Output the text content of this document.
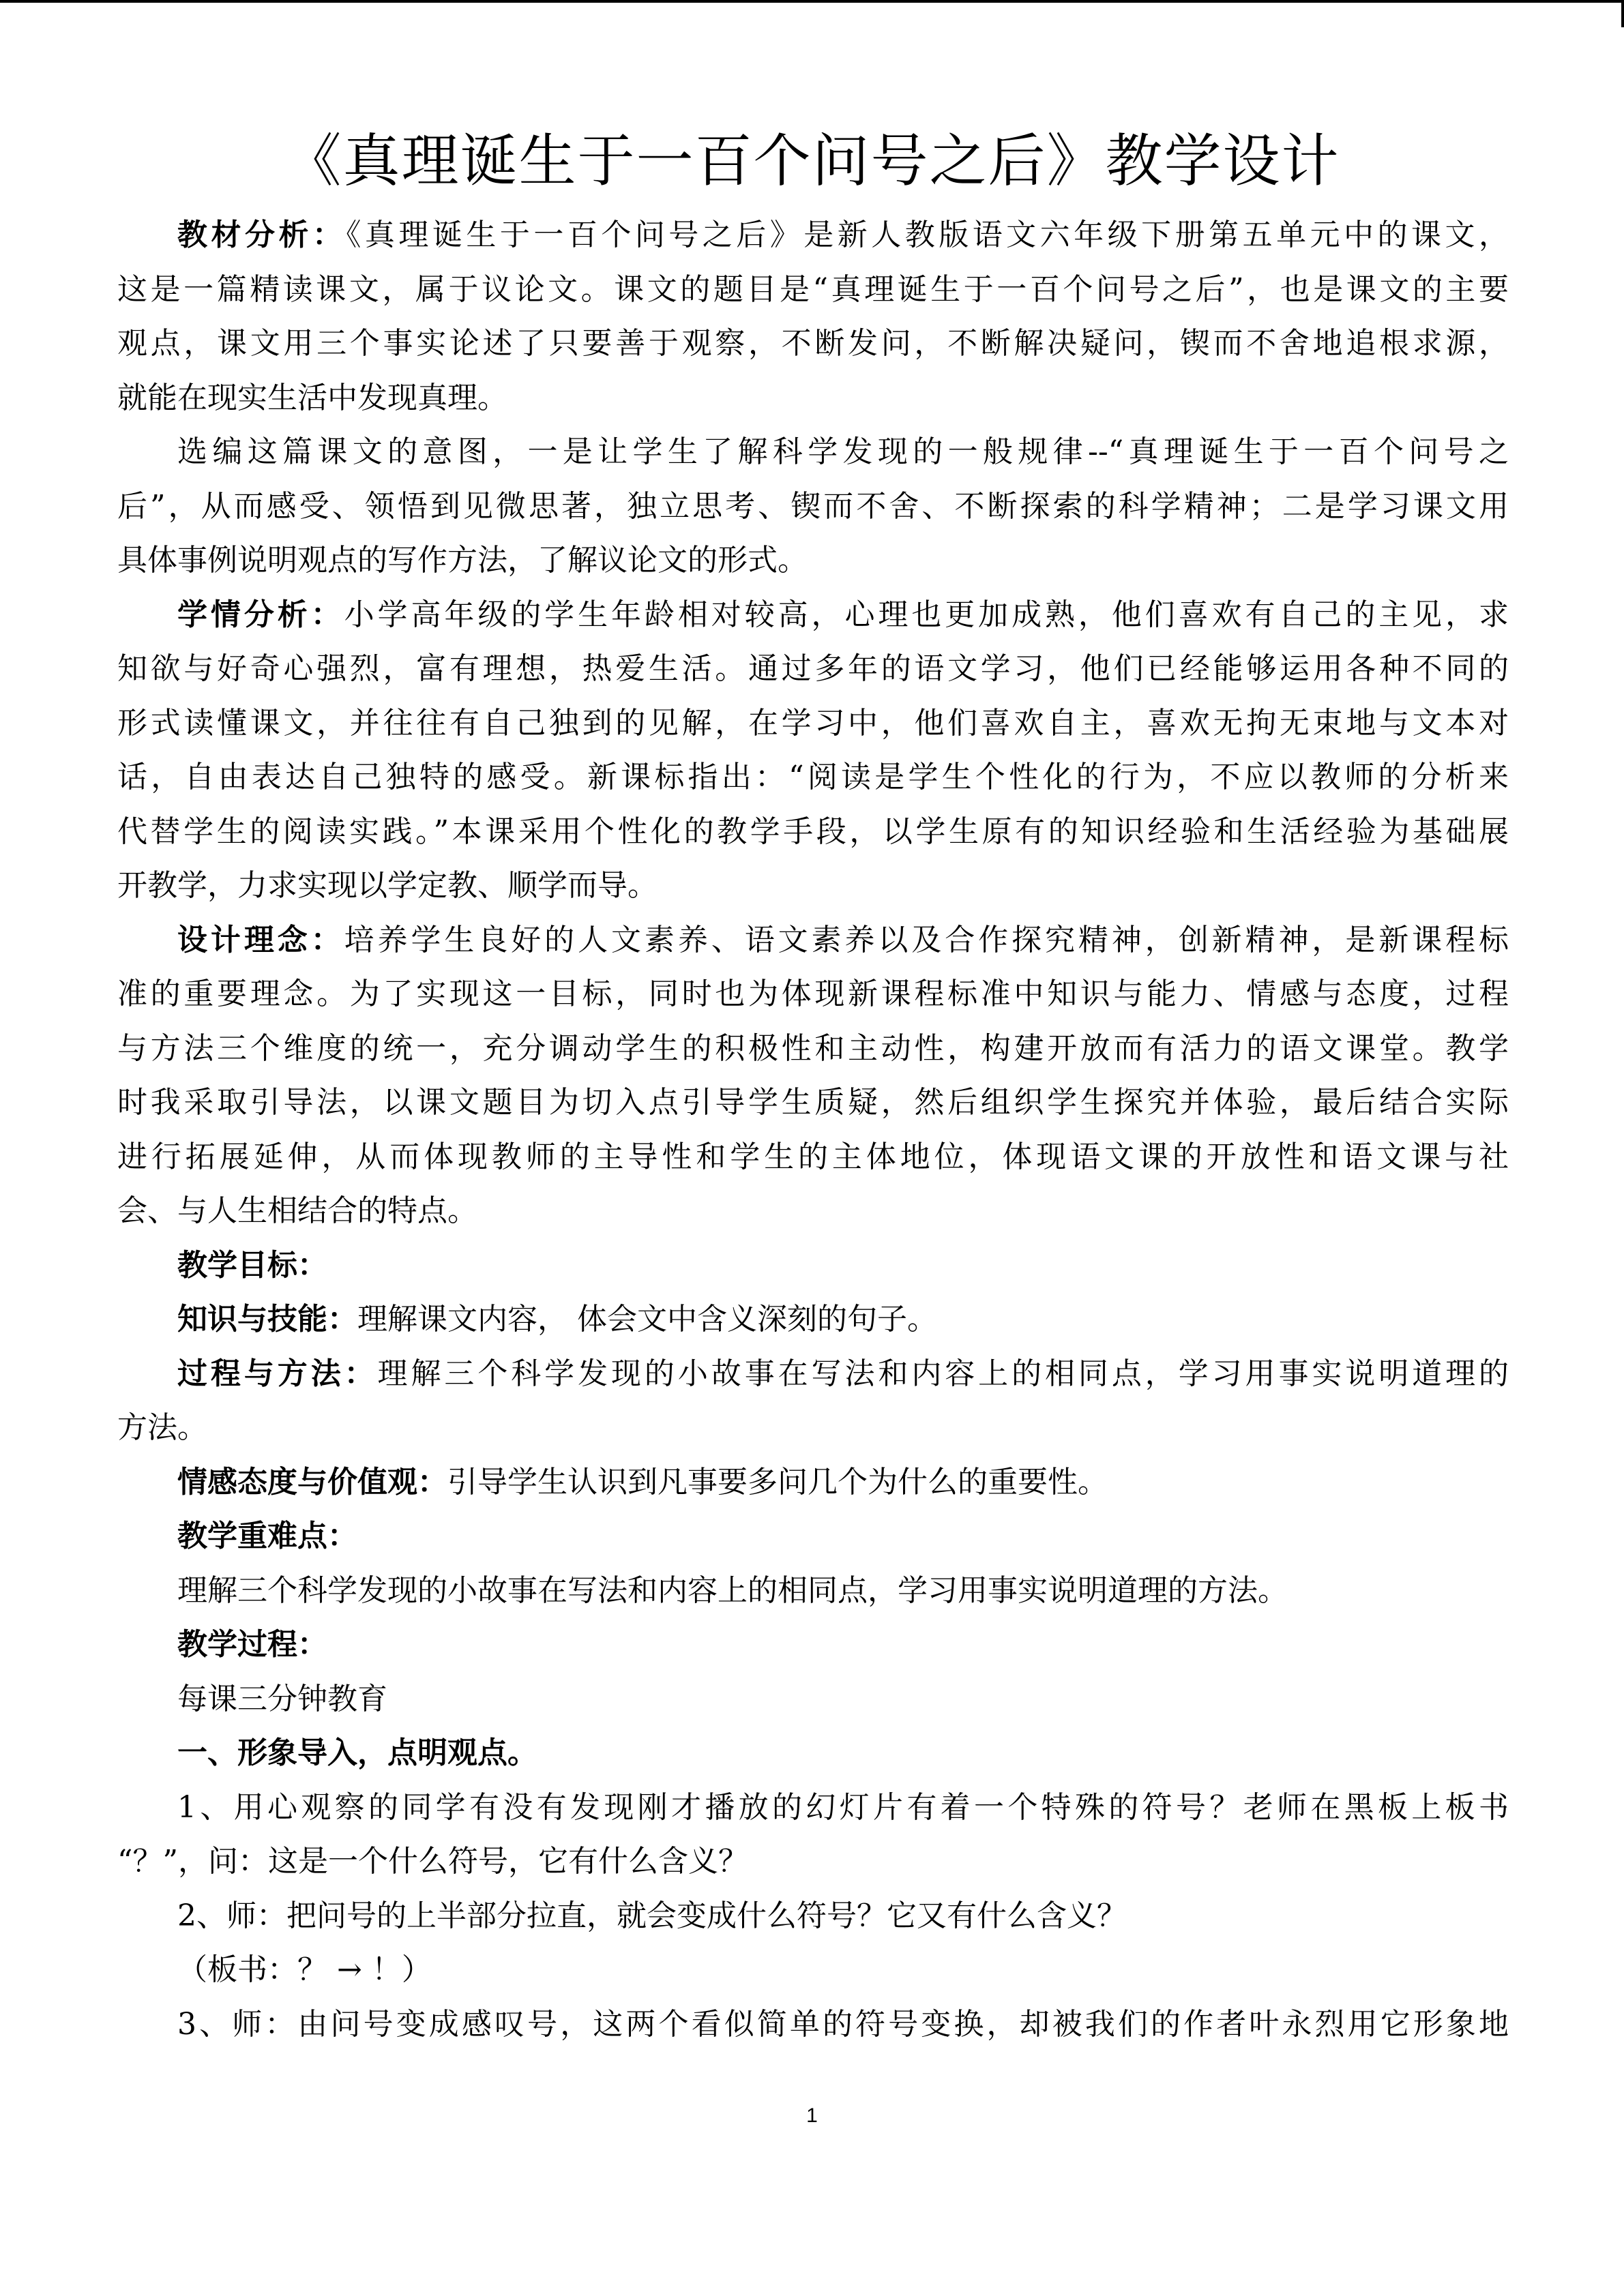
《真理诞生于一百个问号之后》教学设计
教材分析：《真理诞生于一百个问号之后》是新人教版语文六年级下册第五单元中的课文，
这是一篇精读课文，属于议论文。课文的题目是“真理诞生于一百个问号之后”，也是课文的主要
观点，课文用三个事实论述了只要善于观察，不断发问，不断解决疑问，锲而不舍地追根求源，
就能在现实生活中发现真理。
选编这篇课文的意图，一是让学生了解科学发现的一般规律--“真理诞生于一百个问号之
后”，从而感受、领悟到见微思著，独立思考、锲而不舍、不断探索的科学精神；二是学习课文用
具体事例说明观点的写作方法，了解议论文的形式。
学情分析：小学高年级的学生年龄相对较高，心理也更加成熟，他们喜欢有自己的主见，求
知欲与好奇心强烈，富有理想，热爱生活。通过多年的语文学习，他们已经能够运用各种不同的
形式读懂课文，并往往有自己独到的见解，在学习中，他们喜欢自主，喜欢无拘无束地与文本对
话，自由表达自己独特的感受。新课标指出：“阅读是学生个性化的行为，不应以教师的分析来
代替学生的阅读实践。”本课采用个性化的教学手段，以学生原有的知识经验和生活经验为基础展
开教学，力求实现以学定教、顺学而导。
设计理念：培养学生良好的人文素养、语文素养以及合作探究精神，创新精神，是新课程标
准的重要理念。为了实现这一目标，同时也为体现新课程标准中知识与能力、情感与态度，过程
与方法三个维度的统一，充分调动学生的积极性和主动性，构建开放而有活力的语文课堂。教学
时我采取引导法，以课文题目为切入点引导学生质疑，然后组织学生探究并体验，最后结合实际
进行拓展延伸，从而体现教师的主导性和学生的主体地位，体现语文课的开放性和语文课与社
会、与人生相结合的特点。
教学目标：
知识与技能：理解课文内容， 体会文中含义深刻的句子。
过程与方法：理解三个科学发现的小故事在写法和内容上的相同点，学习用事实说明道理的
方法。
情感态度与价值观：引导学生认识到凡事要多问几个为什么的重要性。
教学重难点：
理解三个科学发现的小故事在写法和内容上的相同点，学习用事实说明道理的方法。
教学过程：
每课三分钟教育
一、形象导入，点明观点。
1、用心观察的同学有没有发现刚才播放的幻灯片有着一个特殊的符号？老师在黑板上板书
“？”，问：这是一个什么符号，它有什么含义？
2、师：把问号的上半部分拉直，就会变成什么符号？它又有什么含义？
（板书：？ → ！）
3、师：由问号变成感叹号，这两个看似简单的符号变换，却被我们的作者叶永烈用它形象地
1
